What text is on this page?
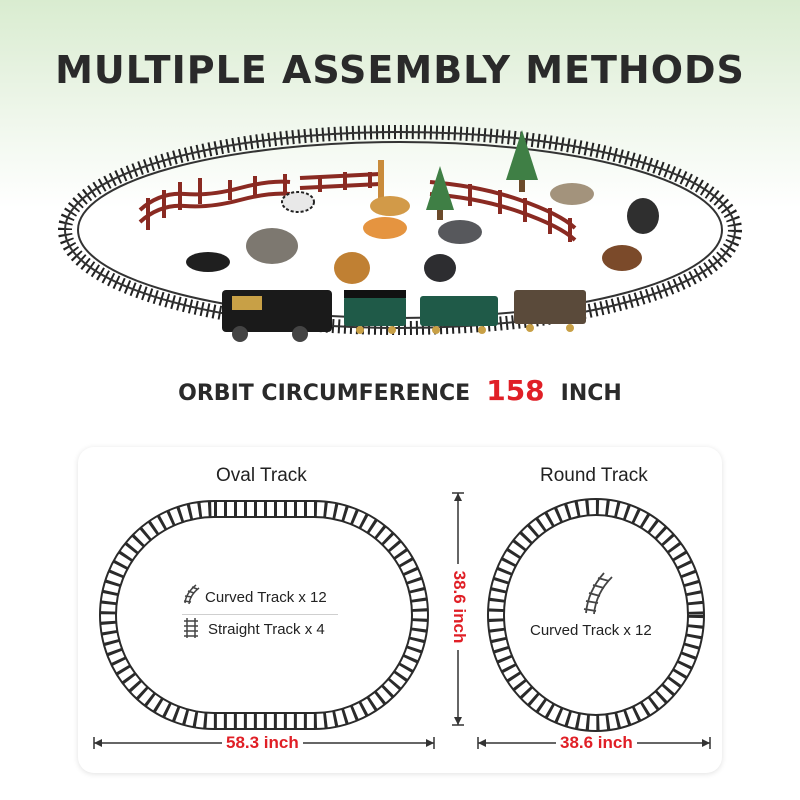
MULTIPLE ASSEMBLY METHODS
ORBIT CIRCUMFERENCE 158 INCH
Oval Track	Round Track
Curved Track x 12
Straight Track x 4	38.6 inch	Curved Track x 12
58.3 inch	38.6 inch
